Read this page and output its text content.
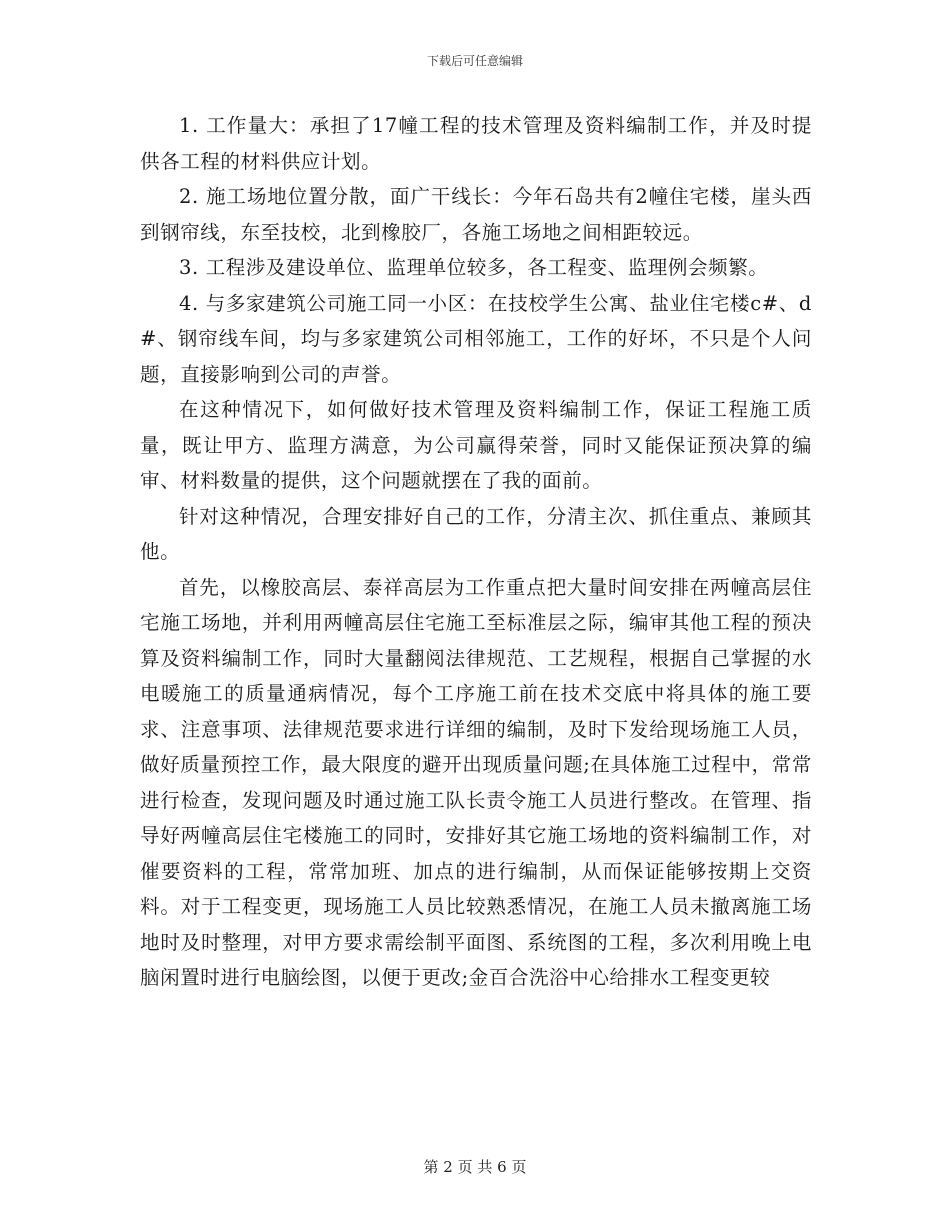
下载后可任意编辑

1. 工作量大：承担了17幢工程的技术管理及资料编制工作，并及时提供各工程的材料供应计划。

2. 施工场地位置分散，面广干线长：今年石岛共有2幢住宅楼，崖头西到钢帘线，东至技校，北到橡胶厂，各施工场地之间相距较远。

3. 工程涉及建设单位、监理单位较多，各工程变、监理例会频繁。

4. 与多家建筑公司施工同一小区：在技校学生公寓、盐业住宅楼c#、d#、钢帘线车间，均与多家建筑公司相邻施工，工作的好坏，不只是个人问题，直接影响到公司的声誉。

在这种情况下，如何做好技术管理及资料编制工作，保证工程施工质量，既让甲方、监理方满意，为公司赢得荣誉，同时又能保证预决算的编审、材料数量的提供，这个问题就摆在了我的面前。

针对这种情况，合理安排好自己的工作，分清主次、抓住重点、兼顾其他。

首先，以橡胶高层、泰祥高层为工作重点把大量时间安排在两幢高层住宅施工场地，并利用两幢高层住宅施工至标准层之际，编审其他工程的预决算及资料编制工作，同时大量翻阅法律规范、工艺规程，根据自己掌握的水电暖施工的质量通病情况，每个工序施工前在技术交底中将具体的施工要求、注意事项、法律规范要求进行详细的编制，及时下发给现场施工人员，做好质量预控工作，最大限度的避开出现质量问题;在具体施工过程中，常常进行检查，发现问题及时通过施工队长责令施工人员进行整改。在管理、指导好两幢高层住宅楼施工的同时，安排好其它施工场地的资料编制工作，对催要资料的工程，常常加班、加点的进行编制，从而保证能够按期上交资料。对于工程变更，现场施工人员比较熟悉情况，在施工人员未撤离施工场地时及时整理，对甲方要求需绘制平面图、系统图的工程，多次利用晚上电脑闲置时进行电脑绘图，以便于更改;金百合洗浴中心给排水工程变更较

第 2 页 共 6 页
